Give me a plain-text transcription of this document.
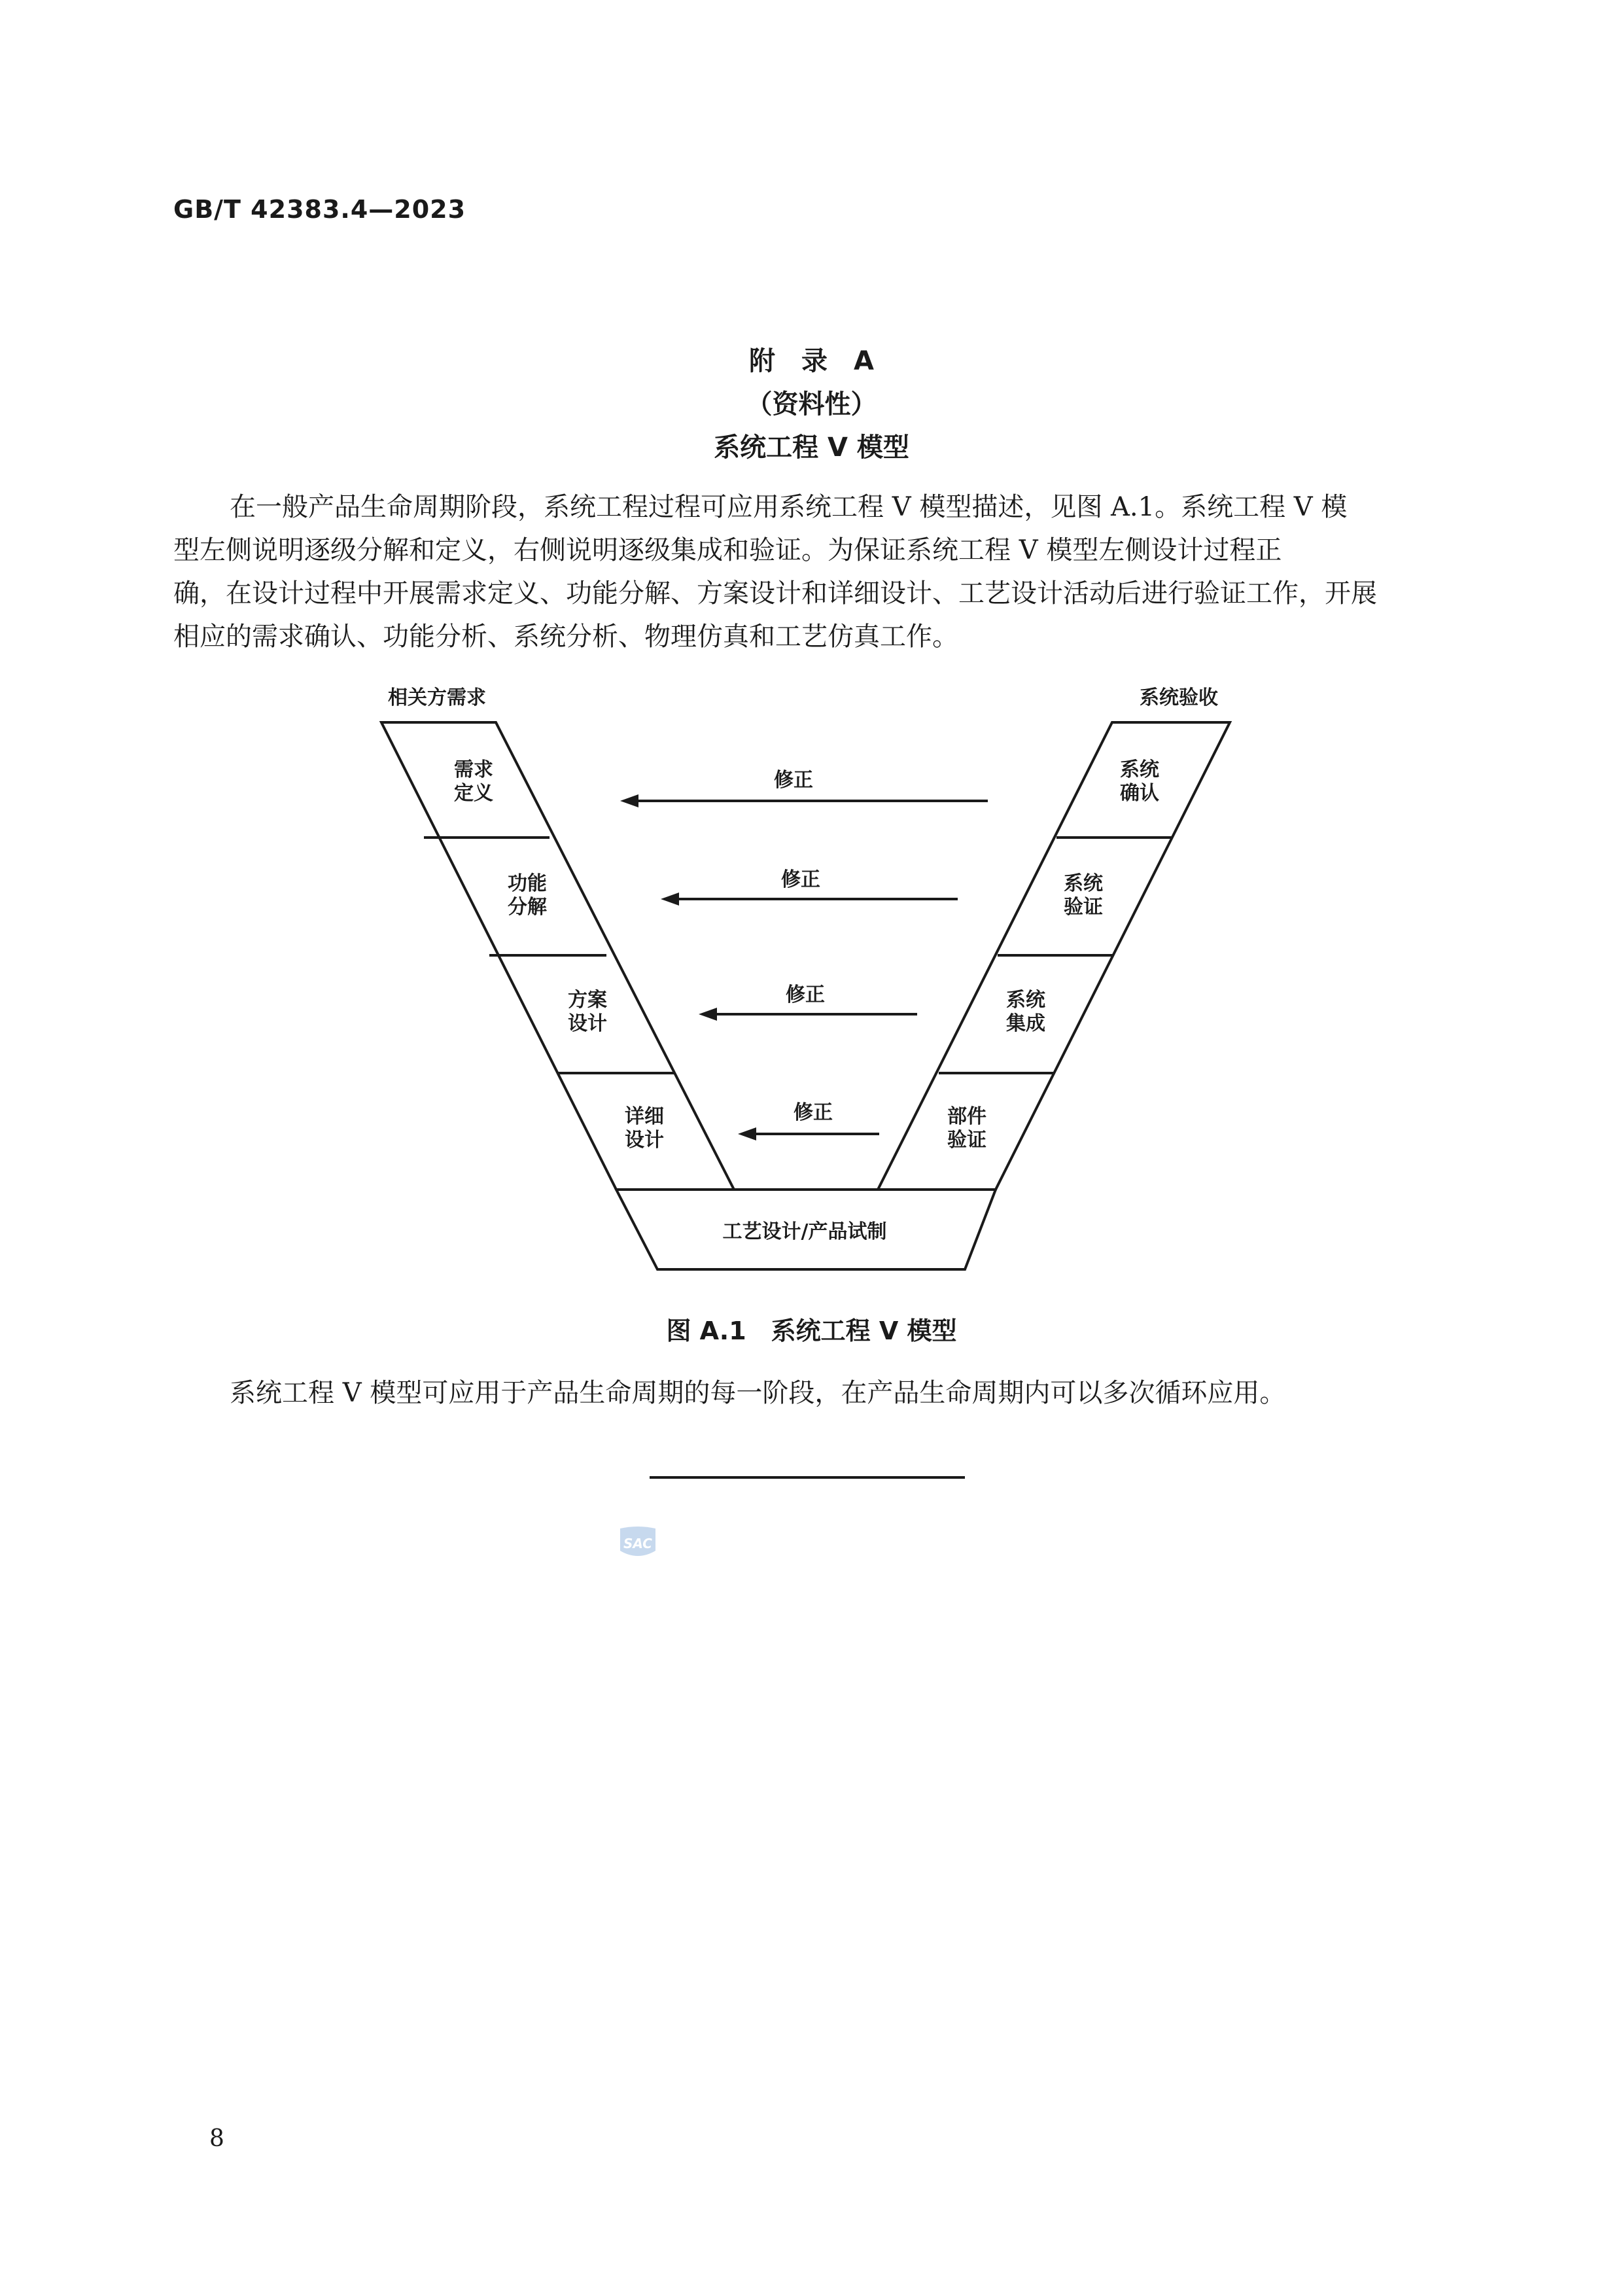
GB/T 42383.4—2023
附　录　A
（资料性）
系统工程 V 模型

在一般产品生命周期阶段，系统工程过程可应用系统工程 V 模型描述，见图 A.1。系统工程 V 模

型左侧说明逐级分解和定义，右侧说明逐级集成和验证。为保证系统工程 V 模型左侧设计过程正

确，在设计过程中开展需求定义、功能分解、方案设计和详细设计、工艺设计活动后进行验证工作，开展

相应的需求确认、功能分析、系统分析、物理仿真和工艺仿真工作。

相关方需求	系统验收
需求
定义
功能
分解
方案
设计
详细
设计
系统
确认
系统
验证
系统
集成
部件
验证
修正
修正
修正
修正
工艺设计/产品试制
图 A.1　系统工程 V 模型

系统工程 V 模型可应用于产品生命周期的每一阶段，在产品生命周期内可以多次循环应用。

SAC
8
